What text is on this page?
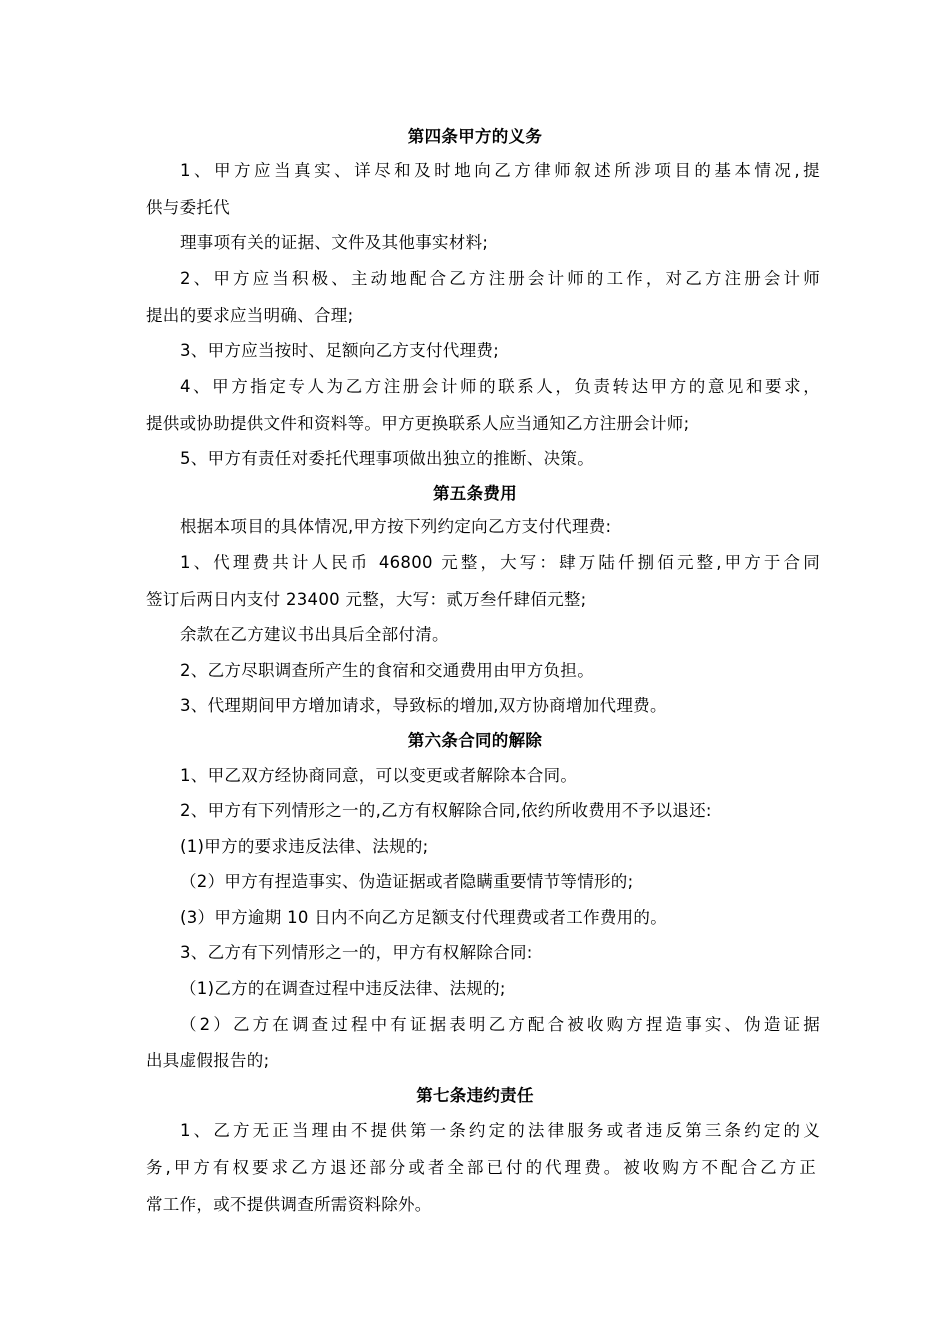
第四条甲方的义务
1、甲方应当真实、详尽和及时地向乙方律师叙述所涉项目的基本情况,提
供与委托代
理事项有关的证据、文件及其他事实材料;
2、甲方应当积极、主动地配合乙方注册会计师的工作，对乙方注册会计师
提出的要求应当明确、合理;
3、甲方应当按时、足额向乙方支付代理费;
4、甲方指定专人为乙方注册会计师的联系人，负责转达甲方的意见和要求，
提供或协助提供文件和资料等。甲方更换联系人应当通知乙方注册会计师;
5、甲方有责任对委托代理事项做出独立的推断、决策。
第五条费用
根据本项目的具体情况,甲方按下列约定向乙方支付代理费:
1、代理费共计人民币 46800 元整，大写：肆万陆仟捌佰元整,甲方于合同
签订后两日内支付 23400 元整，大写：贰万叁仟肆佰元整;
余款在乙方建议书出具后全部付清。
2、乙方尽职调查所产生的食宿和交通费用由甲方负担。
3、代理期间甲方增加请求，导致标的增加,双方协商增加代理费。
第六条合同的解除
1、甲乙双方经协商同意，可以变更或者解除本合同。
2、甲方有下列情形之一的,乙方有权解除合同,依约所收费用不予以退还:
(1)甲方的要求违反法律、法规的;
（2）甲方有捏造事实、伪造证据或者隐瞒重要情节等情形的;
(3）甲方逾期 10 日内不向乙方足额支付代理费或者工作费用的。
3、乙方有下列情形之一的，甲方有权解除合同:
（1)乙方的在调查过程中违反法律、法规的;
（2）乙方在调查过程中有证据表明乙方配合被收购方捏造事实、伪造证据
出具虚假报告的;
第七条违约责任
1、乙方无正当理由不提供第一条约定的法律服务或者违反第三条约定的义
务,甲方有权要求乙方退还部分或者全部已付的代理费。被收购方不配合乙方正
常工作，或不提供调查所需资料除外。
